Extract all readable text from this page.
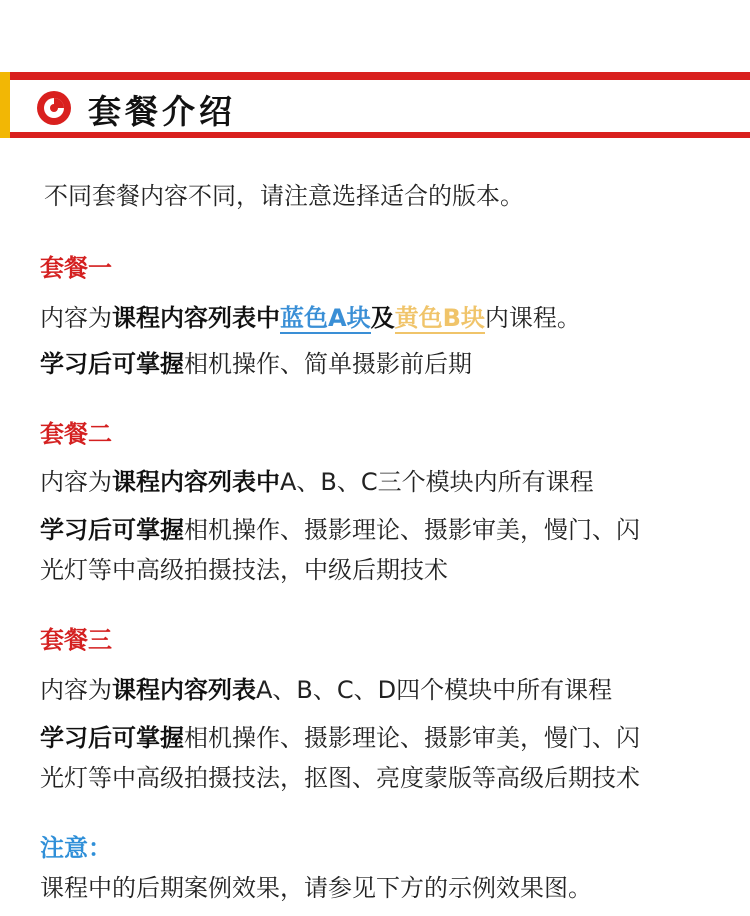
套餐介绍
不同套餐内容不同，请注意选择适合的版本。
套餐一
内容为课程内容列表中蓝色A块及黄色B块内课程。
学习后可掌握相机操作、简单摄影前后期
套餐二
内容为课程内容列表中A、B、C三个模块内所有课程
学习后可掌握相机操作、摄影理论、摄影审美，慢门、闪
光灯等中高级拍摄技法，中级后期技术
套餐三
内容为课程内容列表A、B、C、D四个模块中所有课程
学习后可掌握相机操作、摄影理论、摄影审美，慢门、闪
光灯等中高级拍摄技法，抠图、亮度蒙版等高级后期技术
注意：
课程中的后期案例效果，请参见下方的示例效果图。
